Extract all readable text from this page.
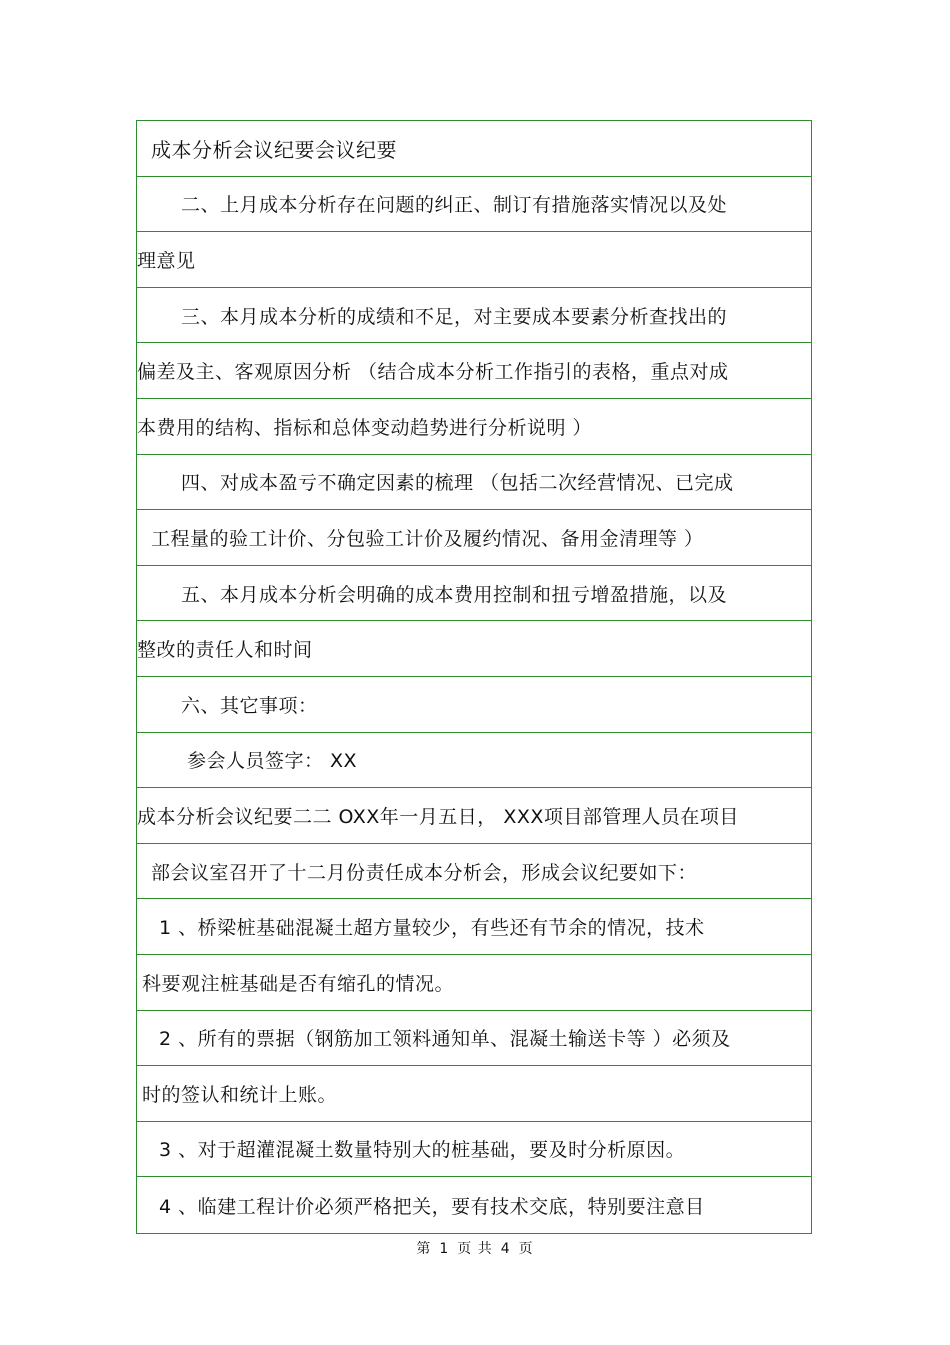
成本分析会议纪要会议纪要
二、上月成本分析存在问题的纠正、制订有措施落实情况以及处
理意见
三、本月成本分析的成绩和不足，对主要成本要素分析查找出的
偏差及主、客观原因分析 （结合成本分析工作指引的表格，重点对成
本费用的结构、指标和总体变动趋势进行分析说明 ）
四、对成本盈亏不确定因素的梳理 （包括二次经营情况、已完成
工程量的验工计价、分包验工计价及履约情况、备用金清理等 ）
五、本月成本分析会明确的成本费用控制和扭亏增盈措施，以及
整改的责任人和时间
六、其它事项：
参会人员签字： XX
成本分析会议纪要二二 OXX年一月五日， XXX项目部管理人员在项目
部会议室召开了十二月份责任成本分析会，形成会议纪要如下：
1 、桥梁桩基础混凝土超方量较少，有些还有节余的情况，技术
科要观注桩基础是否有缩孔的情况。
2 、所有的票据（钢筋加工领料通知单、混凝土输送卡等 ）必须及
时的签认和统计上账。
3 、对于超灌混凝土数量特别大的桩基础，要及时分析原因。
4 、临建工程计价必须严格把关，要有技术交底，特别要注意目
第 1 页 共 4 页
